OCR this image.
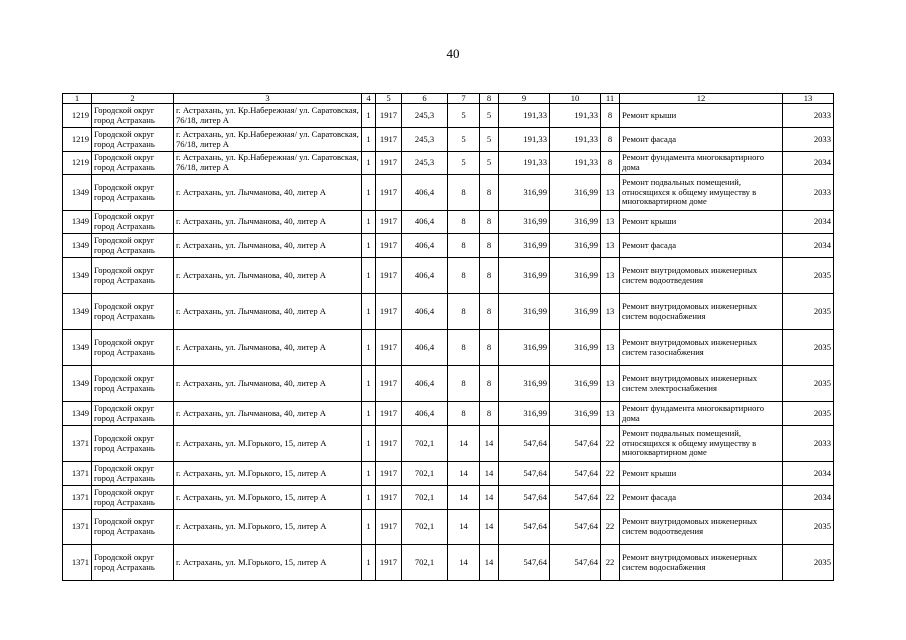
40
1	2	3	4	5	6	7	8	9	10	11	12	13
1219	Городской округ город Астрахань	г. Астрахань, ул. Кр.Набережная/ ул. Саратовская, 76/18, литер А	1	1917	245,3	5	5	191,33	191,33	8	Ремонт крыши	2033
1219	Городской округ город Астрахань	г. Астрахань, ул. Кр.Набережная/ ул. Саратовская, 76/18, литер А	1	1917	245,3	5	5	191,33	191,33	8	Ремонт фасада	2033
1219	Городской округ город Астрахань	г. Астрахань, ул. Кр.Набережная/ ул. Саратовская, 76/18, литер А	1	1917	245,3	5	5	191,33	191,33	8	Ремонт фундамента многоквартирного дома	2034
1349	Городской округ город Астрахань	г. Астрахань, ул. Лычманова, 40, литер А	1	1917	406,4	8	8	316,99	316,99	13	Ремонт подвальных помещений, относящихся к общему имуществу в многоквартирном доме	2033
1349	Городской округ город Астрахань	г. Астрахань, ул. Лычманова, 40, литер А	1	1917	406,4	8	8	316,99	316,99	13	Ремонт крыши	2034
1349	Городской округ город Астрахань	г. Астрахань, ул. Лычманова, 40, литер А	1	1917	406,4	8	8	316,99	316,99	13	Ремонт фасада	2034
1349	Городской округ город Астрахань	г. Астрахань, ул. Лычманова, 40, литер А	1	1917	406,4	8	8	316,99	316,99	13	Ремонт внутридомовых инженерных систем водоотведения	2035
1349	Городской округ город Астрахань	г. Астрахань, ул. Лычманова, 40, литер А	1	1917	406,4	8	8	316,99	316,99	13	Ремонт внутридомовых инженерных систем водоснабжения	2035
1349	Городской округ город Астрахань	г. Астрахань, ул. Лычманова, 40, литер А	1	1917	406,4	8	8	316,99	316,99	13	Ремонт внутридомовых инженерных систем газоснабжения	2035
1349	Городской округ город Астрахань	г. Астрахань, ул. Лычманова, 40, литер А	1	1917	406,4	8	8	316,99	316,99	13	Ремонт внутридомовых инженерных систем электроснабжения	2035
1349	Городской округ город Астрахань	г. Астрахань, ул. Лычманова, 40, литер А	1	1917	406,4	8	8	316,99	316,99	13	Ремонт фундамента многоквартирного дома	2035
1371	Городской округ город Астрахань	г. Астрахань, ул. М.Горького, 15, литер А	1	1917	702,1	14	14	547,64	547,64	22	Ремонт подвальных помещений, относящихся к общему имуществу в многоквартирном доме	2033
1371	Городской округ город Астрахань	г. Астрахань, ул. М.Горького, 15, литер А	1	1917	702,1	14	14	547,64	547,64	22	Ремонт крыши	2034
1371	Городской округ город Астрахань	г. Астрахань, ул. М.Горького, 15, литер А	1	1917	702,1	14	14	547,64	547,64	22	Ремонт фасада	2034
1371	Городской округ город Астрахань	г. Астрахань, ул. М.Горького, 15, литер А	1	1917	702,1	14	14	547,64	547,64	22	Ремонт внутридомовых инженерных систем водоотведения	2035
1371	Городской округ город Астрахань	г. Астрахань, ул. М.Горького, 15, литер А	1	1917	702,1	14	14	547,64	547,64	22	Ремонт внутридомовых инженерных систем водоснабжения	2035
